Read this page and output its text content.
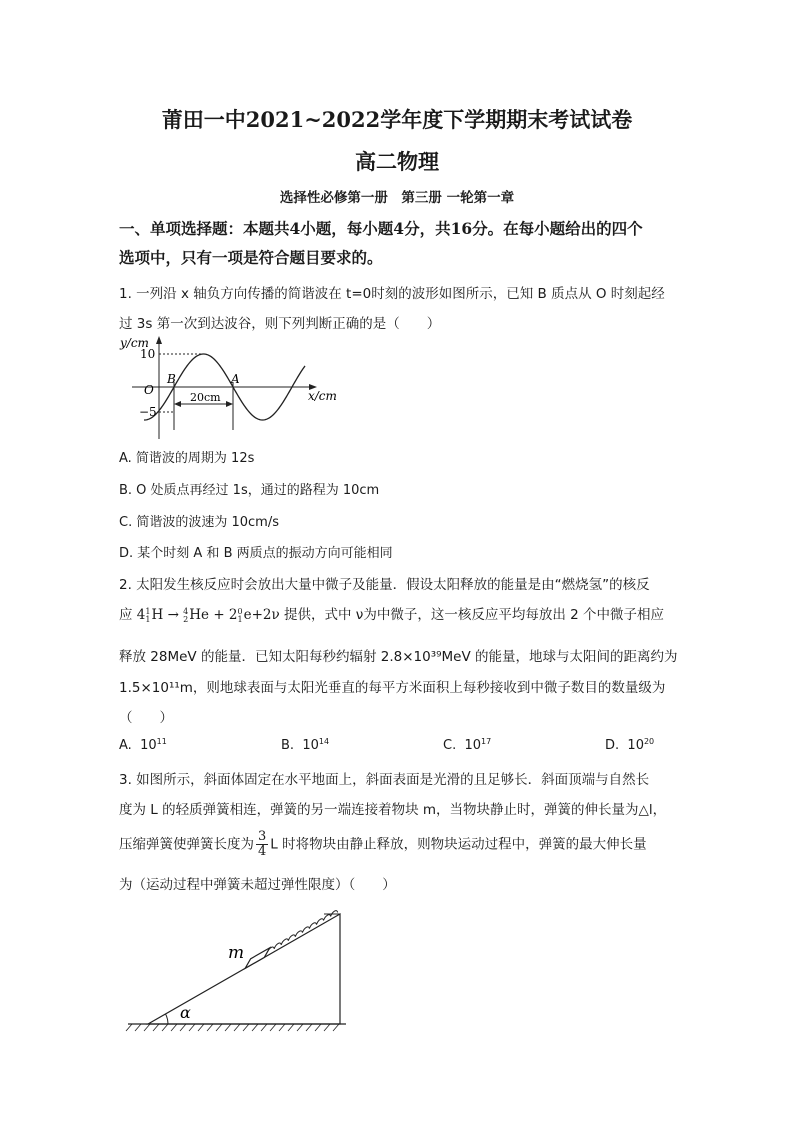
莆田一中2021~2022学年度下学期期末考试试卷
高二物理
选择性必修第一册　第三册 一轮第一章
一、单项选择题：本题共4小题，每小题4分，共16分。在每小题给出的四个
选项中，只有一项是符合题目要求的。
1. 一列沿 x 轴负方向传播的简谐波在 t=0时刻的波形如图所示，已知 B 质点从 O 时刻起经
过 3s 第一次到达波谷，则下列判断正确的是（　　）
y/cm
x/cm
O
10
−5
B	A
20cm
A. 简谐波的周期为 12s
B. O 处质点再经过 1s，通过的路程为 10cm
C. 简谐波的波速为 10cm/s
D. 某个时刻 A 和 B 两质点的振动方向可能相同
2. 太阳发生核反应时会放出大量中微子及能量．假设太阳释放的能量是由“燃烧氢”的核反
应 4 1
1 H → 4
2 He + 2 0
1 e+2ν 提供，式中 ν为中微子，这一核反应平均每放出 2 个中微子相应
释放 28MeV 的能量．已知太阳每秒约辐射 2.8×10³⁹MeV 的能量，地球与太阳间的距离约为
1.5×10¹¹m，则地球表面与太阳光垂直的每平方米面积上每秒接收到中微子数目的数量级为
（　　）
A. $10^{11}$	B. $10^{14}$	C. $10^{17}$	D. $10^{20}$
3. 如图所示，斜面体固定在水平地面上，斜面表面是光滑的且足够长．斜面顶端与自然长
度为 L 的轻质弹簧相连，弹簧的另一端连接着物块 m，当物块静止时，弹簧的伸长量为△l，
压缩弹簧使弹簧长度为 $\frac{3}{4}$ L 时将物块由静止释放，则物块运动过程中，弹簧的最大伸长量
为（运动过程中弹簧未超过弹性限度）（　　）
m
α
